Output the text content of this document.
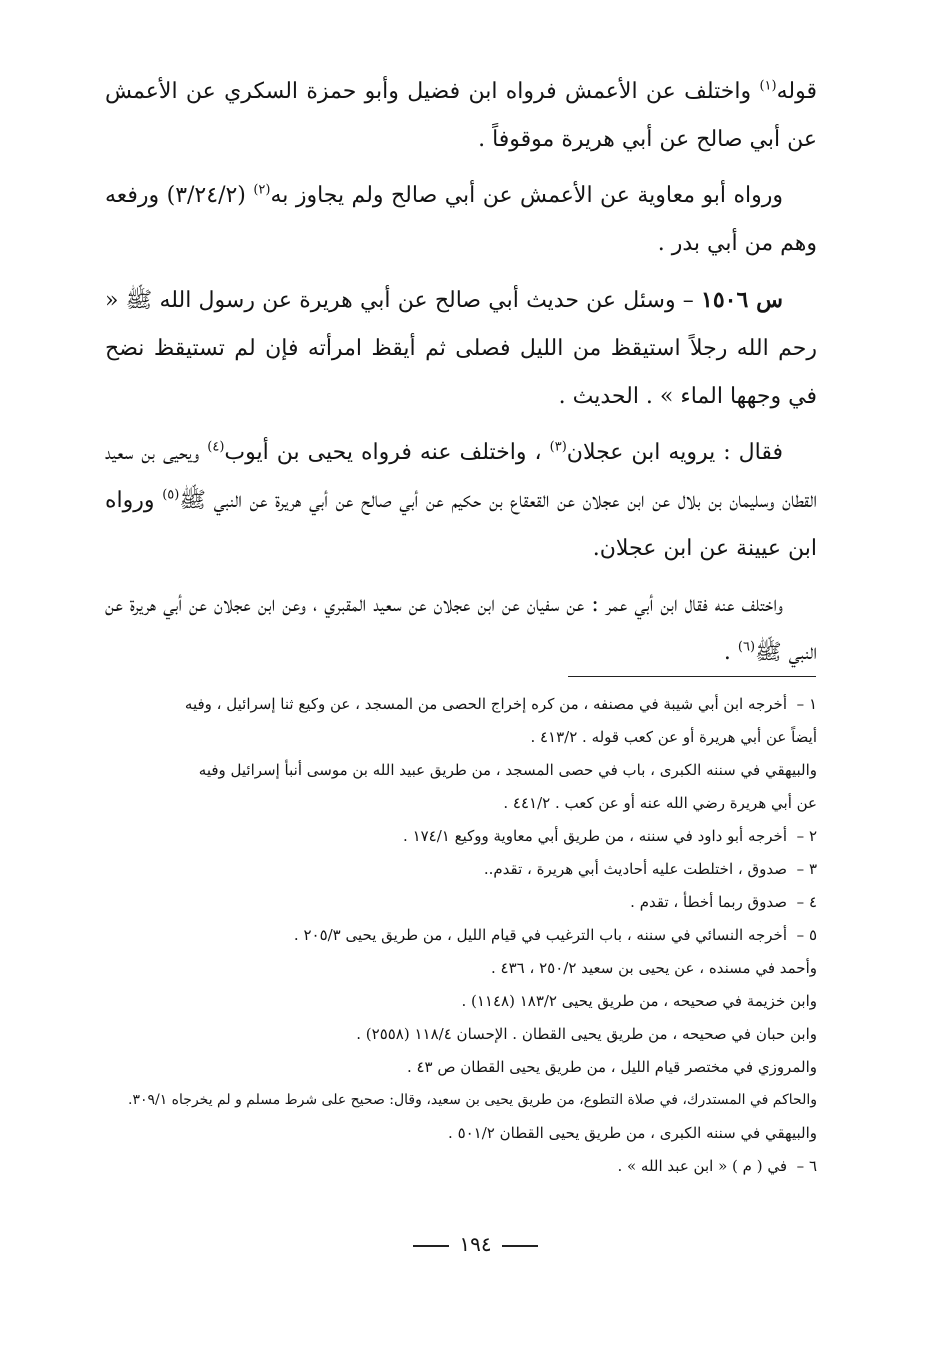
قوله$^{(١)}$ واختلف عن الأعمش فرواه ابن فضيل وأبو حمزة السكري عن الأعمش عن أبي صالح عن أبي هريرة موقوفاً .

ورواه أبو معاوية عن الأعمش عن أبي صالح ولم يجاوز به$^{(٢)}$ (٣/٢٤/٢) ورفعه وهم من أبي بدر .

س ١٥٠٦ – وسئل عن حديث أبي صالح عن أبي هريرة عن رسول الله ﷺ « رحم الله رجلاً استيقظ من الليل فصلى ثم أيقظ امرأته فإن لم تستيقظ نضح في وجهها الماء » . الحديث .

فقال : يرويه ابن عجلان$^{(٣)}$ ، واختلف عنه فرواه يحيى بن أيوب$^{(٤)}$ ويحيى بن سعيد القطان وسليمان بن بلال عن ابن عجلان عن القعقاع بن حكيم عن أبي صالح عن أبي هريرة عن النبي ﷺ$^{(٥)}$ ورواه ابن عيينة عن ابن عجلان.

واختلف عنه فقال ابن أبي عمر : عن سفيان عن ابن عجلان عن سعيد المقبري ، وعن ابن عجلان عن أبي هريرة عن النبي ﷺ$^{(٦)}$ .

١ –أخرجه ابن أبي شيبة في مصنفه ، من كره إخراج الحصى من المسجد ، عن وكيع ثنا إسرائيل ، وفيه

أيضاً عن أبي هريرة أو عن كعب قوله . ٤١٣/٢ .

والبيهقي في سننه الكبرى ، باب في حصى المسجد ، من طريق عبيد الله بن موسى أنبأ إسرائيل وفيه

عن أبي هريرة رضي الله عنه أو عن كعب . ٤٤١/٢ .

٢ –أخرجه أبو داود في سننه ، من طريق أبي معاوية ووكيع ١٧٤/١ .

٣ –صدوق ، اختلطت عليه أحاديث أبي هريرة ، تقدم..

٤ –صدوق ربما أخطأ ، تقدم .

٥ –أخرجه النسائي في سننه ، باب الترغيب في قيام الليل ، من طريق يحيى ٢٠٥/٣ .

وأحمد في مسنده ، عن يحيى بن سعيد ٢٥٠/٢ ، ٤٣٦ .

وابن خزيمة في صحيحه ، من طريق يحيى ١٨٣/٢ (١١٤٨) .

وابن حبان في صحيحه ، من طريق يحيى القطان . الإحسان ١١٨/٤ (٢٥٥٨) .

والمروزي في مختصر قيام الليل ، من طريق يحيى القطان ص ٤٣ .

والحاكم في المستدرك، في صلاة التطوع، من طريق يحيى بن سعيد، وقال: صحيح على شرط مسلم و لم يخرجاه ٣٠٩/١.

والبيهقي في سننه الكبرى ، من طريق يحيى القطان ٥٠١/٢ .

٦ –في ( م ) « ابن عبد الله » .

١٩٤
